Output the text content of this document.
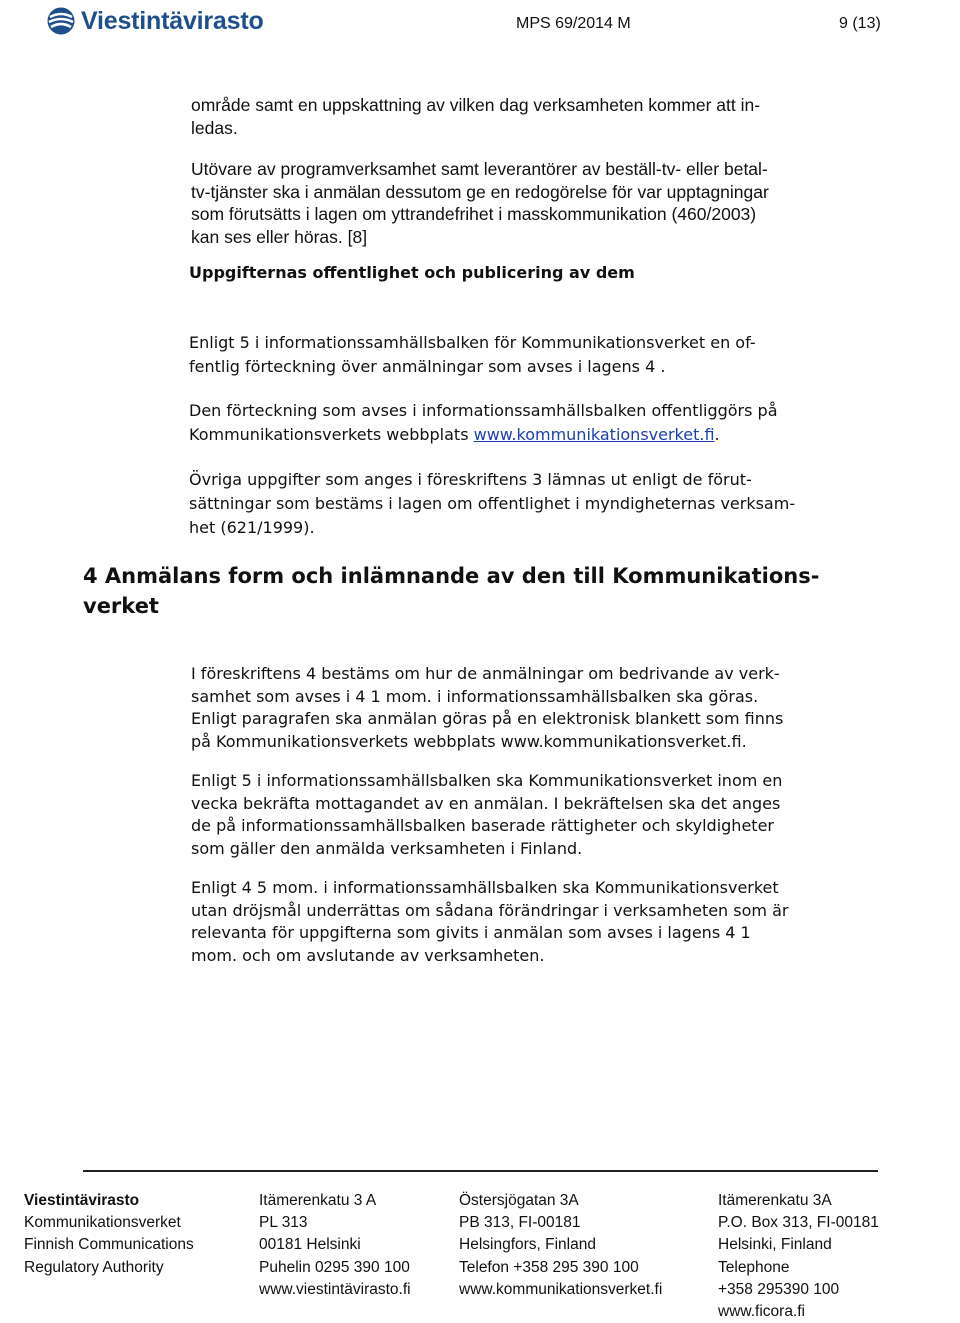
Viestintävirasto	MPS 69/2014 M	9 (13)
område samt en uppskattning av vilken dag verksamheten kommer att in-
ledas.
Utövare av programverksamhet samt leverantörer av beställ-tv- eller betal-
tv-tjänster ska i anmälan dessutom ge en redogörelse för var upptagningar
som förutsätts i lagen om yttrandefrihet i masskommunikation (460/2003)
kan ses eller höras. [8]
Uppgifternas offentlighet och publicering av dem
Enligt 5 i informationssamhällsbalken för Kommunikationsverket en of-
fentlig förteckning över anmälningar som avses i lagens 4 .
Den förteckning som avses i informationssamhällsbalken offentliggörs på
Kommunikationsverkets webbplats www.kommunikationsverket.fi.
Övriga uppgifter som anges i föreskriftens 3 lämnas ut enligt de förut-
sättningar som bestäms i lagen om offentlighet i myndigheternas verksam-
het (621/1999).
4 Anmälans form och inlämnande av den till Kommunikations-
verket
I föreskriftens 4 bestäms om hur de anmälningar om bedrivande av verk-
samhet som avses i 4 1 mom. i informationssamhällsbalken ska göras.
Enligt paragrafen ska anmälan göras på en elektronisk blankett som finns
på Kommunikationsverkets webbplats www.kommunikationsverket.fi.
Enligt 5 i informationssamhällsbalken ska Kommunikationsverket inom en
vecka bekräfta mottagandet av en anmälan. I bekräftelsen ska det anges
de på informationssamhällsbalken baserade rättigheter och skyldigheter
som gäller den anmälda verksamheten i Finland.
Enligt 4 5 mom. i informationssamhällsbalken ska Kommunikationsverket
utan dröjsmål underrättas om sådana förändringar i verksamheten som är
relevanta för uppgifterna som givits i anmälan som avses i lagens 4 1
mom. och om avslutande av verksamheten.
Viestintävirasto
Kommunikationsverket
Finnish Communications
Regulatory Authority
Itämerenkatu 3 A
PL 313
00181 Helsinki
Puhelin 0295 390 100
www.viestintävirasto.fi
Östersjögatan 3A
PB 313, FI-00181
Helsingfors, Finland
Telefon +358 295 390 100
www.kommunikationsverket.fi
Itämerenkatu 3A
P.O. Box 313, FI-00181
Helsinki, Finland
Telephone
+358 295390 100
www.ficora.fi
